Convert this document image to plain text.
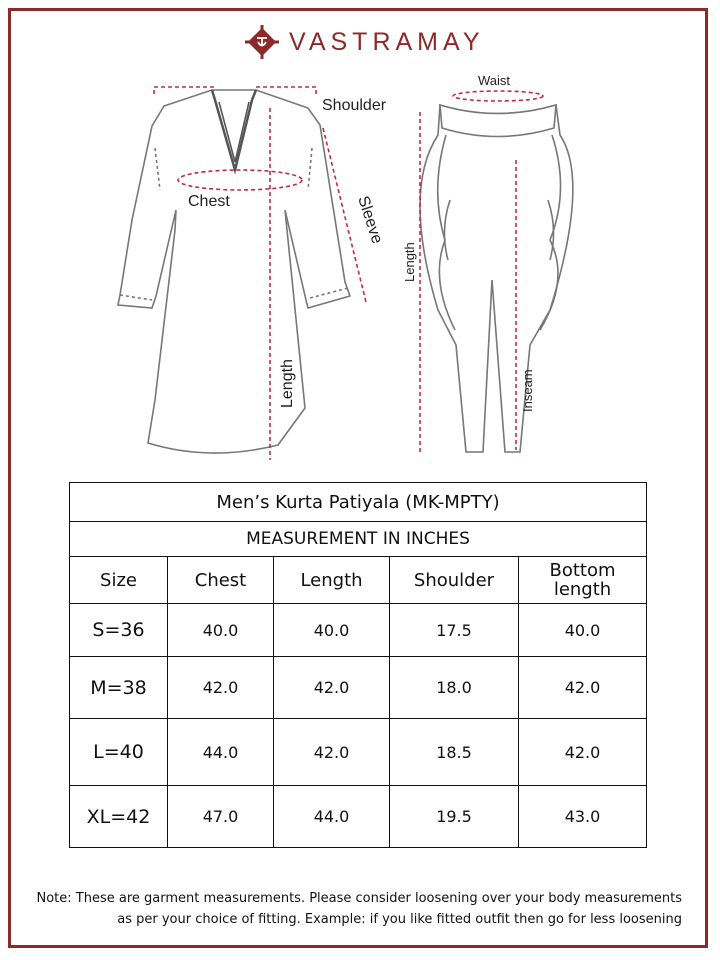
VASTRAMAY
Shoulder
Chest	Sleeve
Length
Waist
Length
Inseam
Men’s Kurta Patiyala (MK-MPTY)				
MEASUREMENT IN INCHES				
Size	Chest	Length	Shoulder	Bottom
length
S=36	40.0	40.0	17.5	40.0
M=38	42.0	42.0	18.0	42.0
L=40	44.0	42.0	18.5	42.0
XL=42	47.0	44.0	19.5	43.0
Note: These are garment measurements. Please consider loosening over your body measurements
as per your choice of fitting. Example: if you like fitted outfit then go for less loosening
